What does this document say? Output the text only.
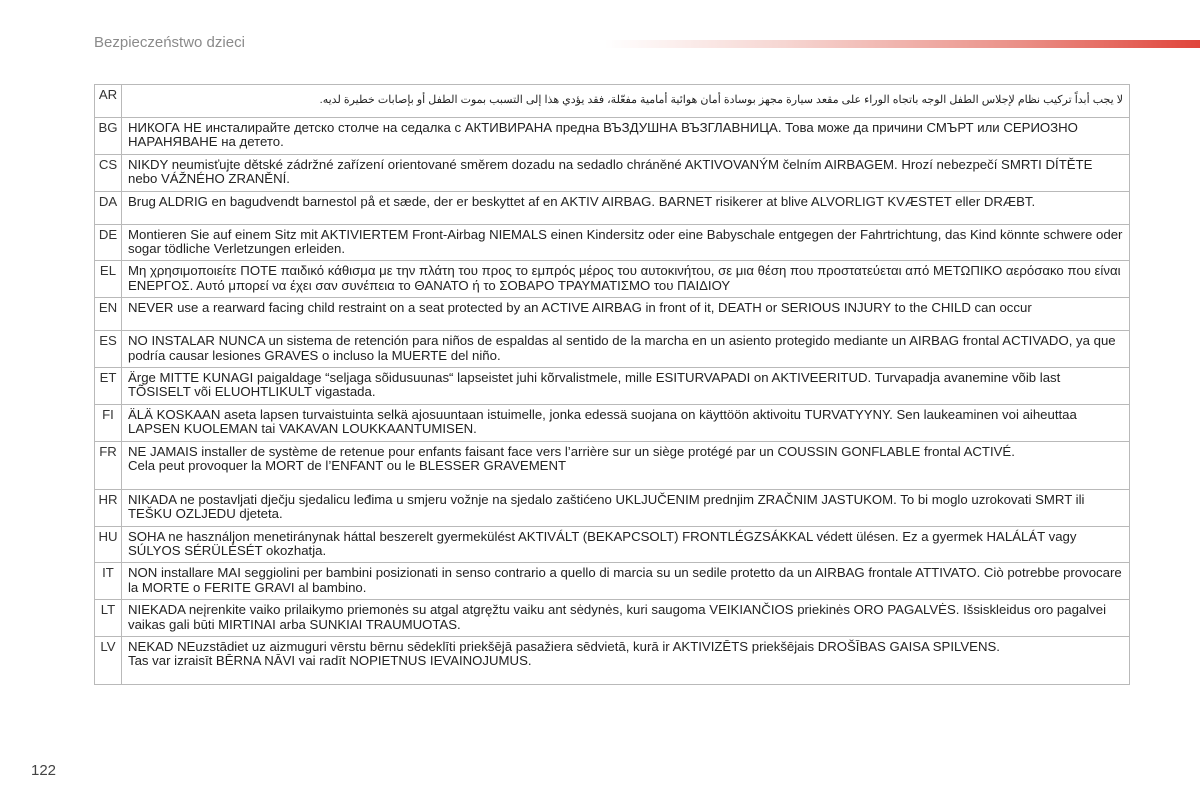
Bezpieczeństwo dzieci
AR	لا يجب أبداً تركيب نظام لإجلاس الطفل الوجه باتجاه الوراء على مقعد سيارة مجهز بوسادة أمان هوائية أمامية مفعّلة، فقد يؤدي هذا إلى التسبب بموت الطفل أو بإصابات خطيرة لديه.
BG	НИКОГА НЕ инсталирайте детско столче на седалка с АКТИВИРАНА предна ВЪЗДУШНА ВЪЗГЛАВНИЦА. Това може да причини СМЪРТ или СЕРИОЗНО НАРАНЯВАНЕ на детето.
CS	NIKDY neumisťujte dětské zádržné zařízení orientované směrem dozadu na sedadlo chráněné AKTIVOVANÝM čelním AIRBAGEM. Hrozí nebezpečí SMRTI DÍTĚTE nebo VÁŽNÉHO ZRANĚNÍ.
DA	Brug ALDRIG en bagudvendt barnestol på et sæde, der er beskyttet af en AKTIV AIRBAG. BARNET risikerer at blive ALVORLIGT KVÆSTET eller DRÆBT.
DE	Montieren Sie auf einem Sitz mit AKTIVIERTEM Front-Airbag NIEMALS einen Kindersitz oder eine Babyschale entgegen der Fahrtrichtung, das Kind könnte schwere oder sogar tödliche Verletzungen erleiden.
EL	Μη χρησιμοποιείτε ΠΟΤΕ παιδικό κάθισμα με την πλάτη του προς το εμπρός μέρος του αυτοκινήτου, σε μια θέση που προστατεύεται από ΜΕΤΩΠΙΚΟ αερόσακο που είναι ΕΝΕΡΓΟΣ. Αυτό μπορεί να έχει σαν συνέπεια το ΘΑΝΑΤΟ ή το ΣΟΒΑΡΟ ΤΡΑΥΜΑΤΙΣΜΟ του ΠΑΙΔΙΟΥ
EN	NEVER use a rearward facing child restraint on a seat protected by an ACTIVE AIRBAG in front of it, DEATH or SERIOUS INJURY to the CHILD can occur
ES	NO INSTALAR NUNCA un sistema de retención para niños de espaldas al sentido de la marcha en un asiento protegido mediante un AIRBAG frontal ACTIVADO, ya que podría causar lesiones GRAVES o incluso la MUERTE del niño.
ET	Ärge MITTE KUNAGI paigaldage “seljaga sõidusuunas“ lapseistet juhi kõrvalistmele, mille ESITURVAPADI on AKTIVEERITUD. Turvapadja avanemine võib last TÕSISELT või ELUOHTLIKULT vigastada.
FI	ÄLÄ KOSKAAN aseta lapsen turvaistuinta selkä ajosuuntaan istuimelle, jonka edessä suojana on käyttöön aktivoitu TURVATYYNY. Sen laukeaminen voi aiheuttaa LAPSEN KUOLEMAN tai VAKAVAN LOUKKAANTUMISEN.
FR	NE JAMAIS installer de système de retenue pour enfants faisant face vers l’arrière sur un siège protégé par un COUSSIN GONFLABLE frontal ACTIVÉ.
Cela peut provoquer la MORT de l’ENFANT ou le BLESSER GRAVEMENT
HR	NIKADA ne postavljati dječju sjedalicu leđima u smjeru vožnje na sjedalo zaštićeno UKLJUČENIM prednjim ZRAČNIM JASTUKOM. To bi moglo uzrokovati SMRT ili TEŠKU OZLJEDU djeteta.
HU	SOHA ne használjon menetiránynak háttal beszerelt gyermekülést AKTIVÁLT (BEKAPCSOLT) FRONTLÉGZSÁKKAL védett ülésen. Ez a gyermek HALÁLÁT vagy SÚLYOS SÉRÜLÉSÉT okozhatja.
IT	NON installare MAI seggiolini per bambini posizionati in senso contrario a quello di marcia su un sedile protetto da un AIRBAG frontale ATTIVATO. Ciò potrebbe provocare la MORTE o FERITE GRAVI al bambino.
LT	NIEKADA neįrenkite vaiko prilaikymo priemonės su atgal atgręžtu vaiku ant sėdynės, kuri saugoma VEIKIANČIOS priekinės ORO PAGALVĖS. Išsiskleidus oro pagalvei vaikas gali būti MIRTINAI arba SUNKIAI TRAUMUOTAS.
LV	NEKAD NEuzstādiet uz aizmuguri vērstu bērnu sēdeklīti priekšējā pasažiera sēdvietā, kurā ir AKTIVIZĒTS priekšējais DROŠĪBAS GAISA SPILVENS.
Tas var izraisīt BĒRNA NĀVI vai radīt NOPIETNUS IEVAINOJUMUS.
122
